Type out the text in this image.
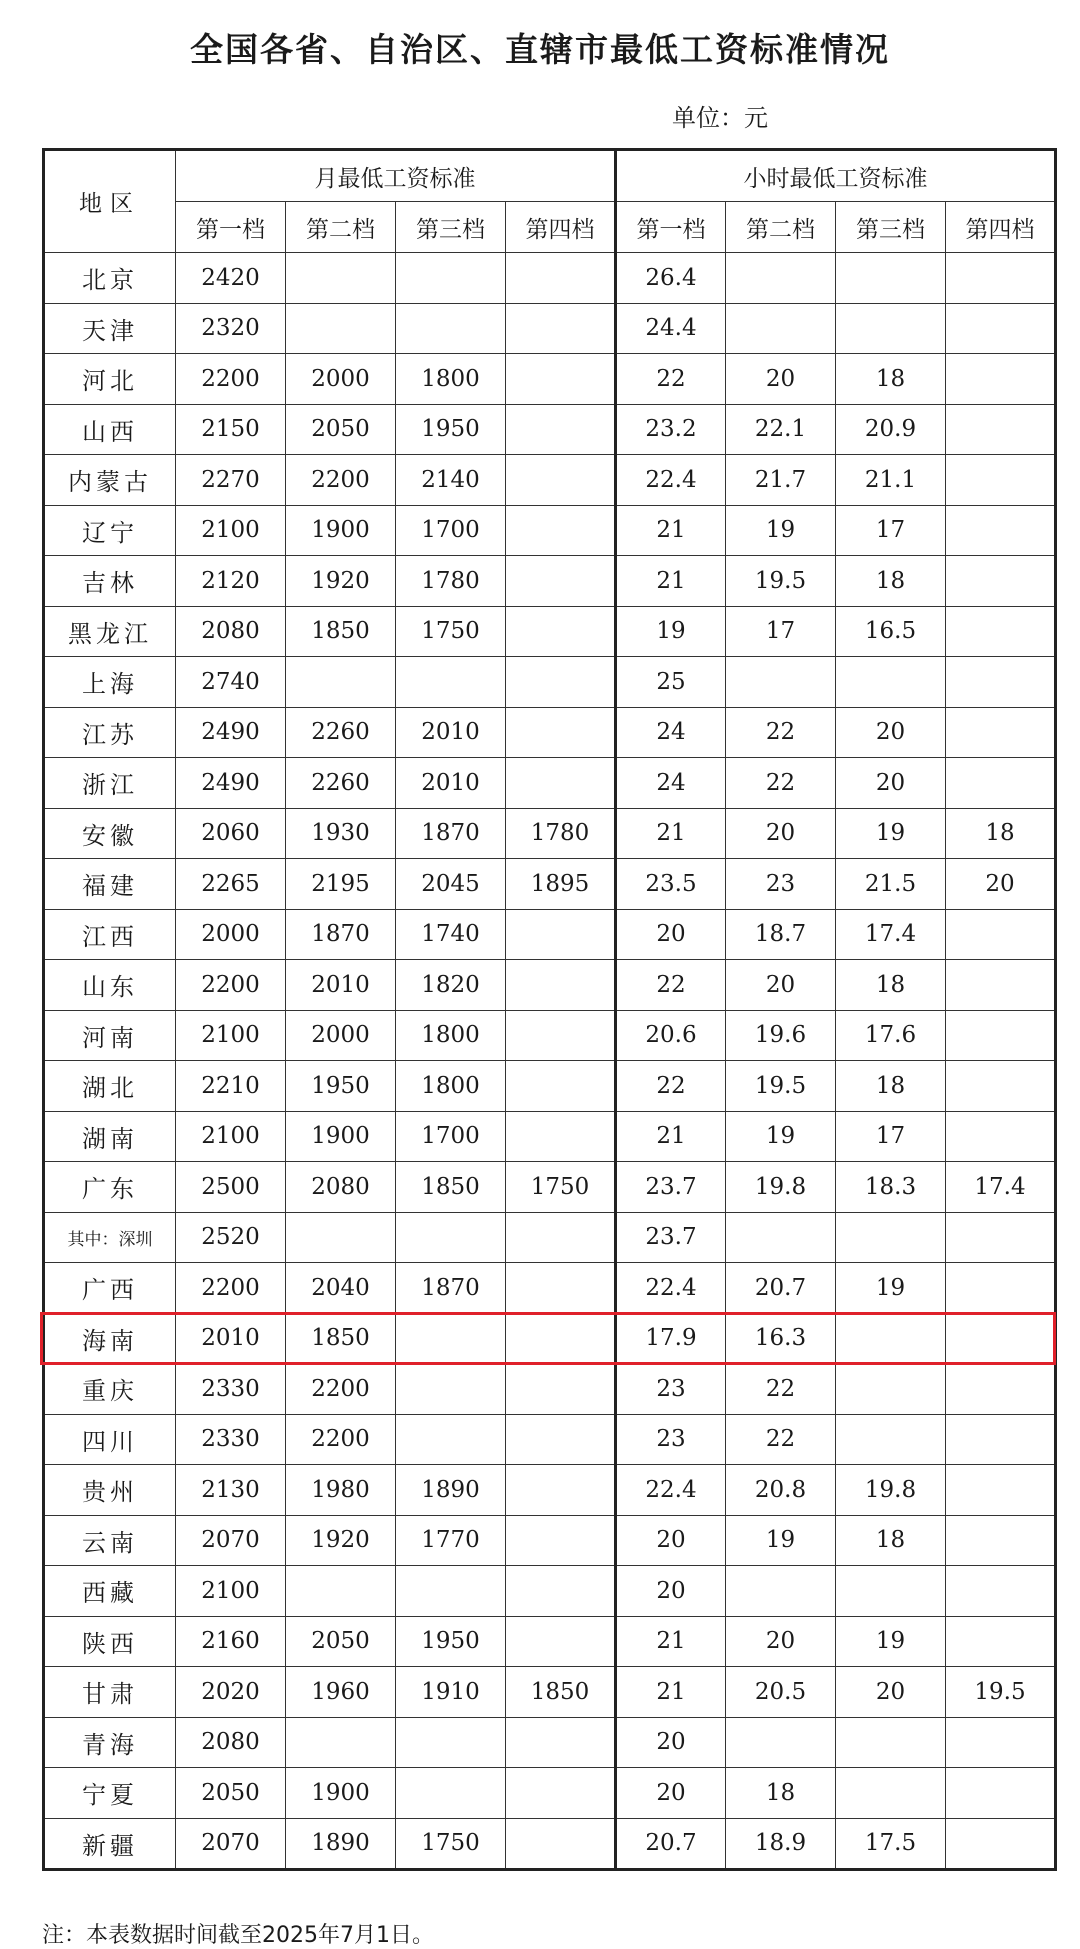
全国各省、自治区、直辖市最低工资标准情况
单位：元
地区	月最低工资标准				小时最低工资标准			
	第一档	第二档	第三档	第四档	第一档	第二档	第三档	第四档
北京	2420				26.4			
天津	2320				24.4			
河北	2200	2000	1800		22	20	18	
山西	2150	2050	1950		23.2	22.1	20.9	
内蒙古	2270	2200	2140		22.4	21.7	21.1	
辽宁	2100	1900	1700		21	19	17	
吉林	2120	1920	1780		21	19.5	18	
黑龙江	2080	1850	1750		19	17	16.5	
上海	2740				25			
江苏	2490	2260	2010		24	22	20	
浙江	2490	2260	2010		24	22	20	
安徽	2060	1930	1870	1780	21	20	19	18
福建	2265	2195	2045	1895	23.5	23	21.5	20
江西	2000	1870	1740		20	18.7	17.4	
山东	2200	2010	1820		22	20	18	
河南	2100	2000	1800		20.6	19.6	17.6	
湖北	2210	1950	1800		22	19.5	18	
湖南	2100	1900	1700		21	19	17	
广东	2500	2080	1850	1750	23.7	19.8	18.3	17.4
其中：深圳	2520				23.7			
广西	2200	2040	1870		22.4	20.7	19	
海南	2010	1850			17.9	16.3		
重庆	2330	2200			23	22		
四川	2330	2200			23	22		
贵州	2130	1980	1890		22.4	20.8	19.8	
云南	2070	1920	1770		20	19	18	
西藏	2100				20			
陕西	2160	2050	1950		21	20	19	
甘肃	2020	1960	1910	1850	21	20.5	20	19.5
青海	2080				20			
宁夏	2050	1900			20	18		
新疆	2070	1890	1750		20.7	18.9	17.5	
注：本表数据时间截至2025年7月1日。
